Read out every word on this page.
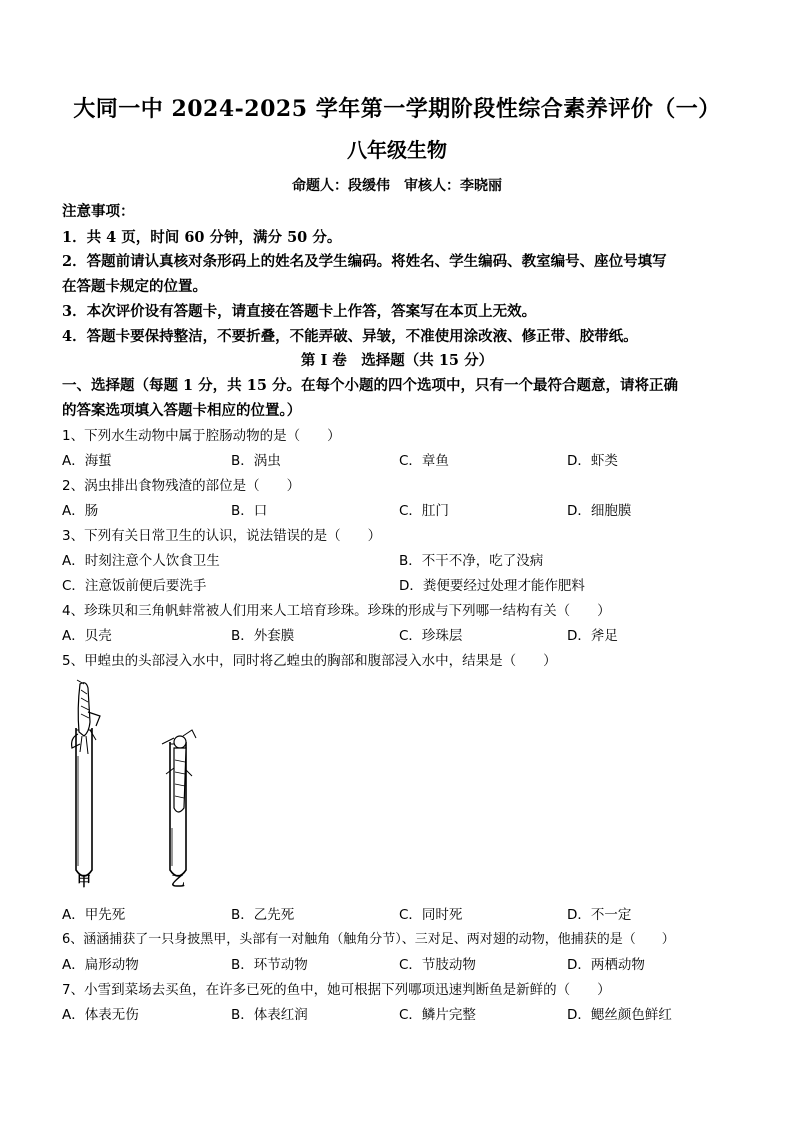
大同一中 2024-2025 学年第一学期阶段性综合素养评价（一）
八年级生物
命题人：段缓伟　审核人：李晓丽
注意事项：
1．共 4 页，时间 60 分钟，满分 50 分。
2．答题前请认真核对条形码上的姓名及学生编码。将姓名、学生编码、教室编号、座位号填写
在答题卡规定的位置。
3．本次评价设有答题卡，请直接在答题卡上作答，答案写在本页上无效。
4．答题卡要保持整洁，不要折叠，不能弄破、异皱，不准使用涂改液、修正带、胶带纸。
第 I 卷　选择题（共 15 分）
一、选择题（每题 1 分，共 15 分。在每个小题的四个选项中，只有一个最符合题意，请将正确
的答案选项填入答题卡相应的位置。）
1、下列水生动物中属于腔肠动物的是（　　）
A．海蜇	B．涡虫	C．章鱼	D．虾类
2、涡虫排出食物残渣的部位是（　　）
A．肠	B．口	C．肛门	D．细胞膜
3、下列有关日常卫生的认识，说法错误的是（　　）
A．时刻注意个人饮食卫生	B．不干不净，吃了没病
C．注意饭前便后要洗手	D．粪便要经过处理才能作肥料
4、珍珠贝和三角帆蚌常被人们用来人工培育珍珠。珍珠的形成与下列哪一结构有关（　　）
A．贝壳	B．外套膜	C．珍珠层	D．斧足
5、甲蝗虫的头部浸入水中，同时将乙蝗虫的胸部和腹部浸入水中，结果是（　　）
甲	乙
A．甲先死	B．乙先死	C．同时死	D．不一定
6、涵涵捕获了一只身披黑甲，头部有一对触角（触角分节）、三对足、两对翅的动物，他捕获的是（　　）
A．扁形动物	B．环节动物	C．节肢动物	D．两栖动物
7、小雪到菜场去买鱼，在许多已死的鱼中，她可根据下列哪项迅速判断鱼是新鲜的（　　）
A．体表无伤	B．体表红润	C．鳞片完整	D．鳃丝颜色鲜红
